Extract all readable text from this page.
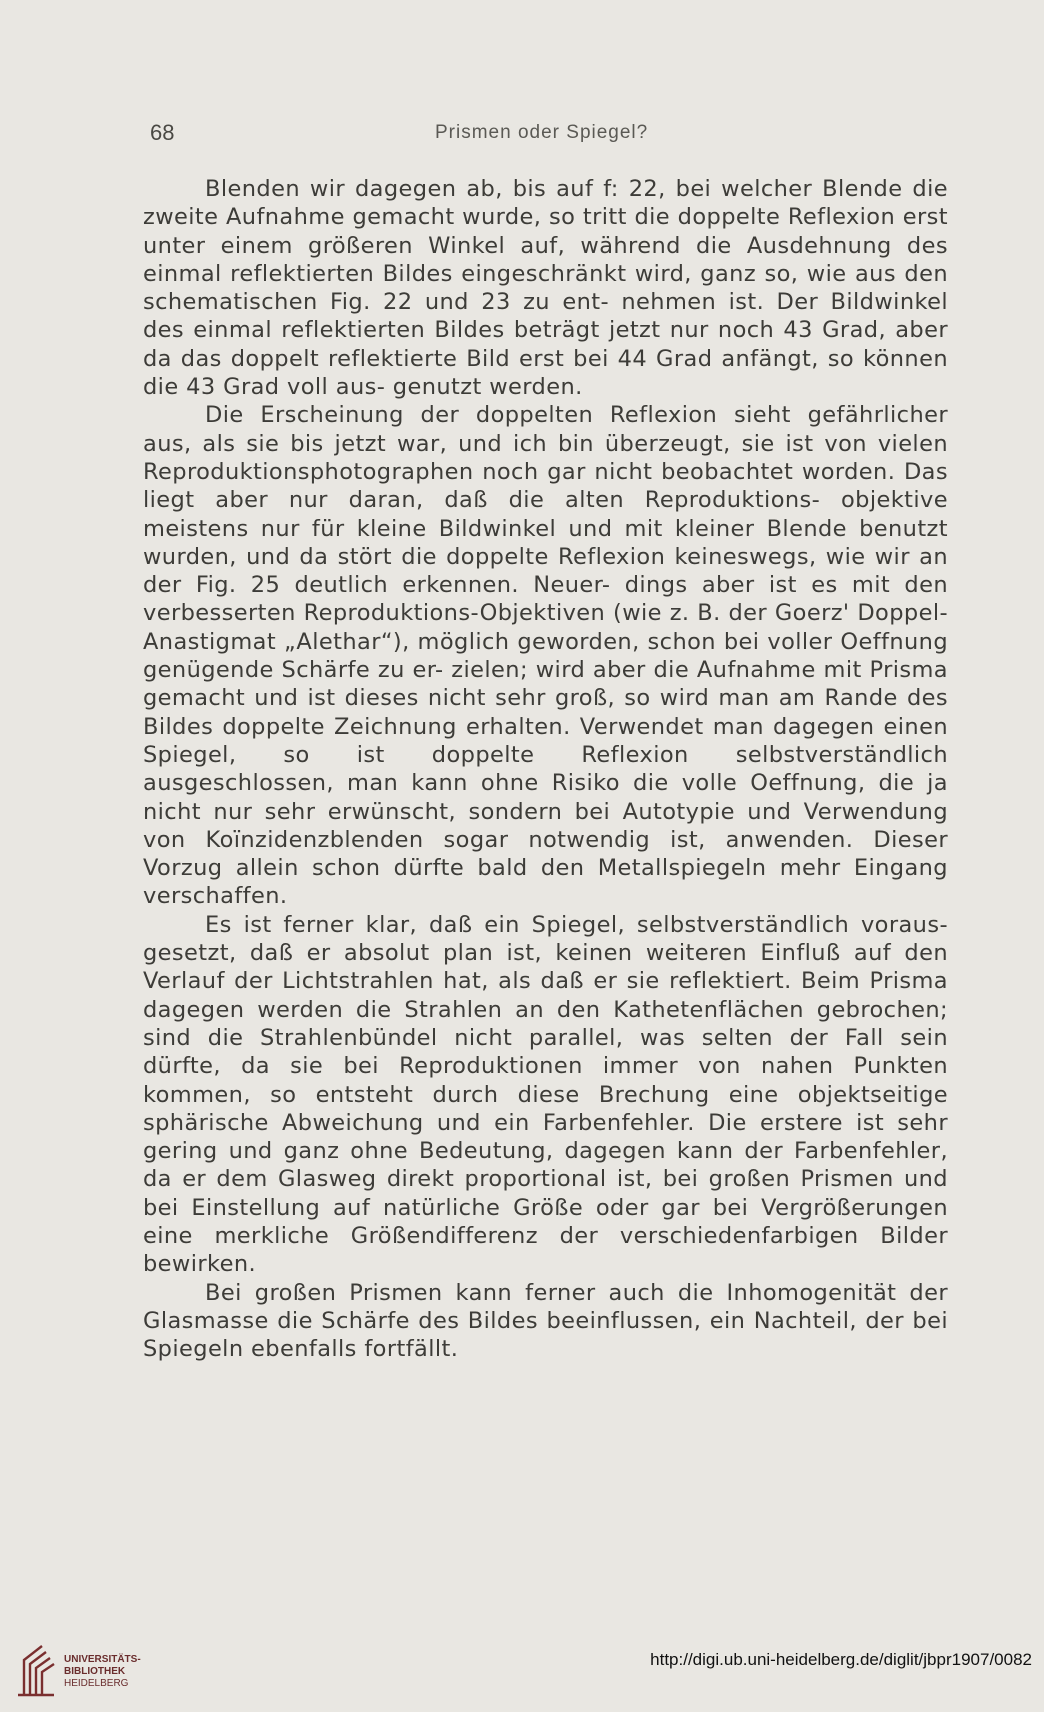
68	Prismen oder Spiegel?

Blenden wir dagegen ab, bis auf f: 22, bei welcher Blende die zweite Aufnahme gemacht wurde, so tritt die doppelte Reflexion erst unter einem größeren Winkel auf, während die Ausdehnung des einmal reflektierten Bildes eingeschränkt wird, ganz so, wie aus den schematischen Fig. 22 und 23 zu ent- nehmen ist. Der Bildwinkel des einmal reflektierten Bildes beträgt jetzt nur noch 43 Grad, aber da das doppelt reflektierte Bild erst bei 44 Grad anfängt, so können die 43 Grad voll aus- genutzt werden.

Die Erscheinung der doppelten Reflexion sieht gefährlicher aus, als sie bis jetzt war, und ich bin überzeugt, sie ist von vielen Reproduktionsphotographen noch gar nicht beobachtet worden. Das liegt aber nur daran, daß die alten Reproduktions- objektive meistens nur für kleine Bildwinkel und mit kleiner Blende benutzt wurden, und da stört die doppelte Reflexion keineswegs, wie wir an der Fig. 25 deutlich erkennen. Neuer- dings aber ist es mit den verbesserten Reproduktions-Objektiven (wie z. B. der Goerz' Doppel-Anastigmat „Alethar“), möglich geworden, schon bei voller Oeffnung genügende Schärfe zu er- zielen; wird aber die Aufnahme mit Prisma gemacht und ist dieses nicht sehr groß, so wird man am Rande des Bildes doppelte Zeichnung erhalten. Verwendet man dagegen einen Spiegel, so ist doppelte Reflexion selbstverständlich ausgeschlossen, man kann ohne Risiko die volle Oeffnung, die ja nicht nur sehr erwünscht, sondern bei Autotypie und Verwendung von Koïnzidenzblenden sogar notwendig ist, anwenden. Dieser Vorzug allein schon dürfte bald den Metallspiegeln mehr Eingang verschaffen.

Es ist ferner klar, daß ein Spiegel, selbstverständlich voraus- gesetzt, daß er absolut plan ist, keinen weiteren Einfluß auf den Verlauf der Lichtstrahlen hat, als daß er sie reflektiert. Beim Prisma dagegen werden die Strahlen an den Kathetenflächen gebrochen; sind die Strahlenbündel nicht parallel, was selten der Fall sein dürfte, da sie bei Reproduktionen immer von nahen Punkten kommen, so entsteht durch diese Brechung eine objektseitige sphärische Abweichung und ein Farbenfehler. Die erstere ist sehr gering und ganz ohne Bedeutung, dagegen kann der Farbenfehler, da er dem Glasweg direkt proportional ist, bei großen Prismen und bei Einstellung auf natürliche Größe oder gar bei Vergrößerungen eine merkliche Größendifferenz der verschiedenfarbigen Bilder bewirken.

Bei großen Prismen kann ferner auch die Inhomogenität der Glasmasse die Schärfe des Bildes beeinflussen, ein Nachteil, der bei Spiegeln ebenfalls fortfällt.

UNIVERSITÄTS-
BIBLIOTHEK
HEIDELBERG
http://digi.ub.uni-heidelberg.de/diglit/jbpr1907/0082
